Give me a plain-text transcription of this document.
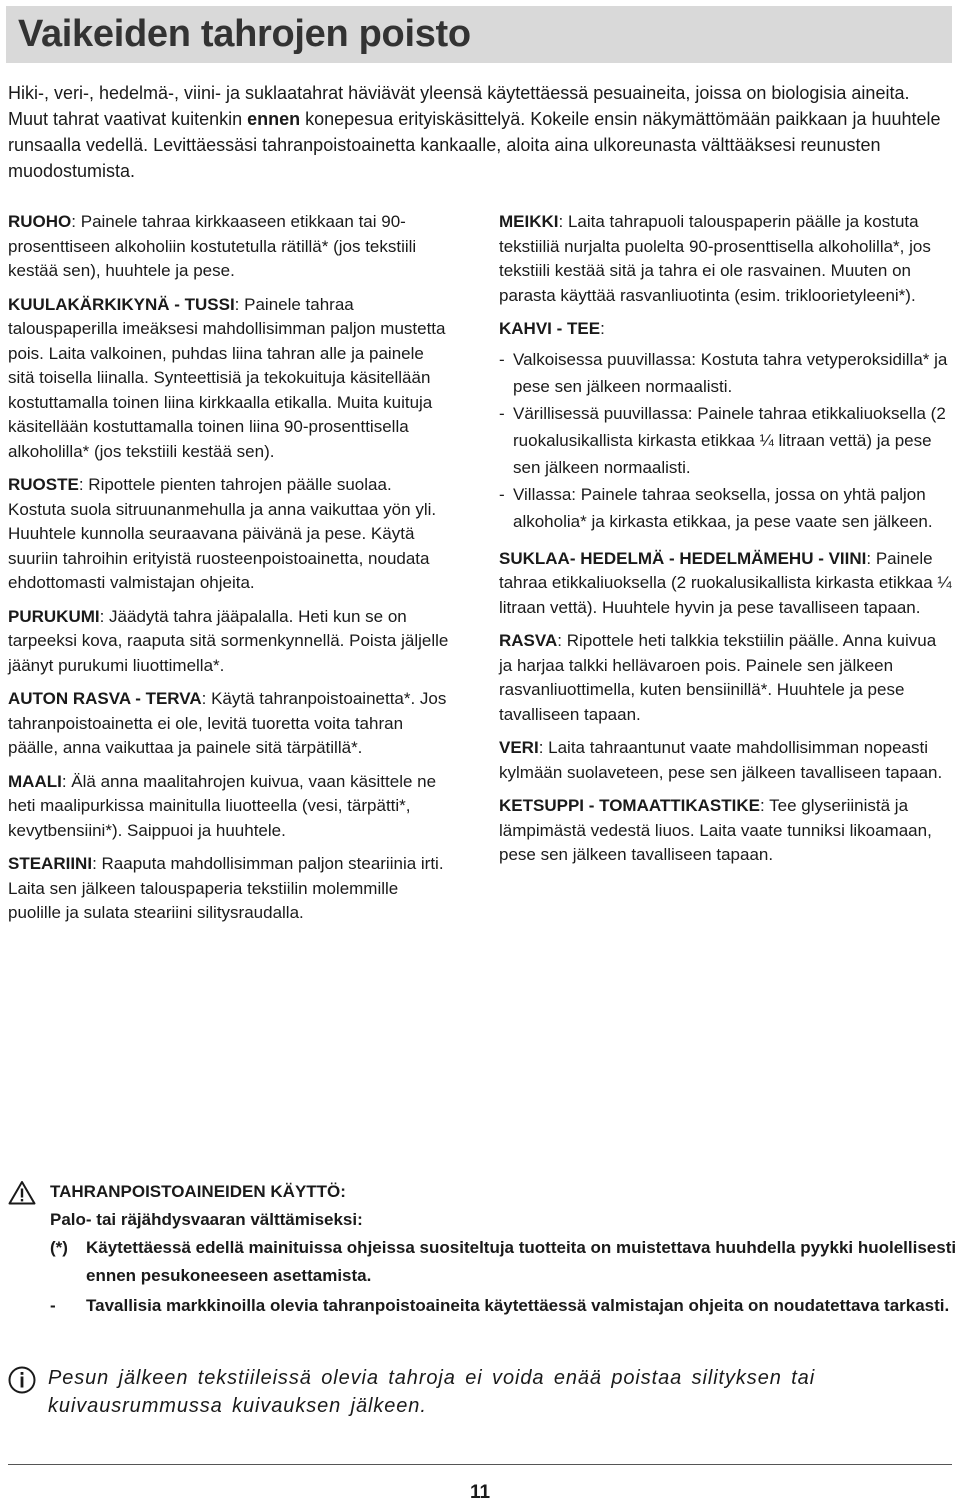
Vaikeiden tahrojen poisto

Hiki-, veri-, hedelmä-, viini- ja suklaatahrat häviävät yleensä käytettäessä pesuaineita, joissa on biologisia aineita. Muut tahrat vaativat kuitenkin ennen konepesua erityiskäsittelyä. Kokeile ensin näkymättömään paikkaan ja huuhtele runsaalla vedellä. Levittäessäsi tahranpoistoainetta kankaalle, aloita aina ulkoreunasta välttääksesi reunusten muodostumista.

RUOHO: Painele tahraa kirkkaaseen etikkaan tai 90-prosenttiseen alkoholiin kostutetulla rätillä* (jos tekstiili kestää sen), huuhtele ja pese.

KUULAKÄRKIKYNÄ - TUSSI: Painele tahraa talouspaperilla imeäksesi mahdollisimman paljon mustetta pois. Laita valkoinen, puhdas liina tahran alle ja painele sitä toisella liinalla. Synteettisiä ja tekokuituja käsitellään kostuttamalla toinen liina kirkkaalla etikalla. Muita kuituja käsitellään kostuttamalla toinen liina 90-prosenttisella alkoholilla* (jos tekstiili kestää sen).

RUOSTE: Ripottele pienten tahrojen päälle suolaa. Kostuta suola sitruunanmehulla ja anna vaikuttaa yön yli. Huuhtele kunnolla seuraavana päivänä ja pese. Käytä suuriin tahroihin erityistä ruosteenpoistoainetta, noudata ehdottomasti valmistajan ohjeita.

PURUKUMI: Jäädytä tahra jääpalalla. Heti kun se on tarpeeksi kova, raaputa sitä sormenkynnellä. Poista jäljelle jäänyt purukumi liuottimella*.

AUTON RASVA - TERVA: Käytä tahranpoistoainetta*. Jos tahranpoistoainetta ei ole, levitä tuoretta voita tahran päälle, anna vaikuttaa ja painele sitä tärpätillä*.

MAALI: Älä anna maalitahrojen kuivua, vaan käsittele ne heti maalipurkissa mainitulla liuotteella (vesi, tärpätti*, kevytbensiini*). Saippuoi ja huuhtele.

STEARIINI: Raaputa mahdollisimman paljon steariinia irti. Laita sen jälkeen talouspaperia tekstiilin molemmille puolille ja sulata steariini silitysraudalla.

MEIKKI: Laita tahrapuoli talouspaperin päälle ja kostuta tekstiiliä nurjalta puolelta 90-prosenttisella alkoholilla*, jos tekstiili kestää sitä ja tahra ei ole rasvainen. Muuten on parasta käyttää rasvanliuotinta (esim. trikloorietyleeni*).

KAHVI - TEE:

- Valkoisessa puuvillassa: Kostuta tahra vetyperoksidilla* ja pese sen jälkeen normaalisti.
- Värillisessä puuvillassa: Painele tahraa etikkaliuoksella (2 ruokalusikallista kirkasta etikkaa ¼ litraan vettä) ja pese sen jälkeen normaalisti.
- Villassa: Painele tahraa seoksella, jossa on yhtä paljon alkoholia* ja kirkasta etikkaa, ja pese vaate sen jälkeen.

SUKLAA- HEDELMÄ - HEDELMÄMEHU - VIINI: Painele tahraa etikkaliuoksella (2 ruokalusikallista kirkasta etikkaa ¼ litraan vettä). Huuhtele hyvin ja pese tavalliseen tapaan.

RASVA: Ripottele heti talkkia tekstiilin päälle. Anna kuivua ja harjaa talkki hellävaroen pois. Painele sen jälkeen rasvanliuottimella, kuten bensiinillä*. Huuhtele ja pese tavalliseen tapaan.

VERI: Laita tahraantunut vaate mahdollisimman nopeasti kylmään suolaveteen, pese sen jälkeen tavalliseen tapaan.

KETSUPPI - TOMAATTIKASTIKE: Tee glyseriinistä ja lämpimästä vedestä liuos. Laita vaate tunniksi likoamaan, pese sen jälkeen tavalliseen tapaan.

TAHRANPOISTOAINEIDEN KÄYTTÖ:
Palo- tai räjähdysvaaran välttämiseksi:
(*)	Käytettäessä edellä mainituissa ohjeissa suositeltuja tuotteita on muistettava huuhdella pyykki huolellisesti ennen pesukoneeseen asettamista.
-	Tavallisia markkinoilla olevia tahranpoistoaineita käytettäessä valmistajan ohjeita on noudatettava tarkasti.
Pesun jälkeen tekstiileissä olevia tahroja ei voida enää poistaa silityksen tai kuivausrummussa kuivauksen jälkeen.
11
